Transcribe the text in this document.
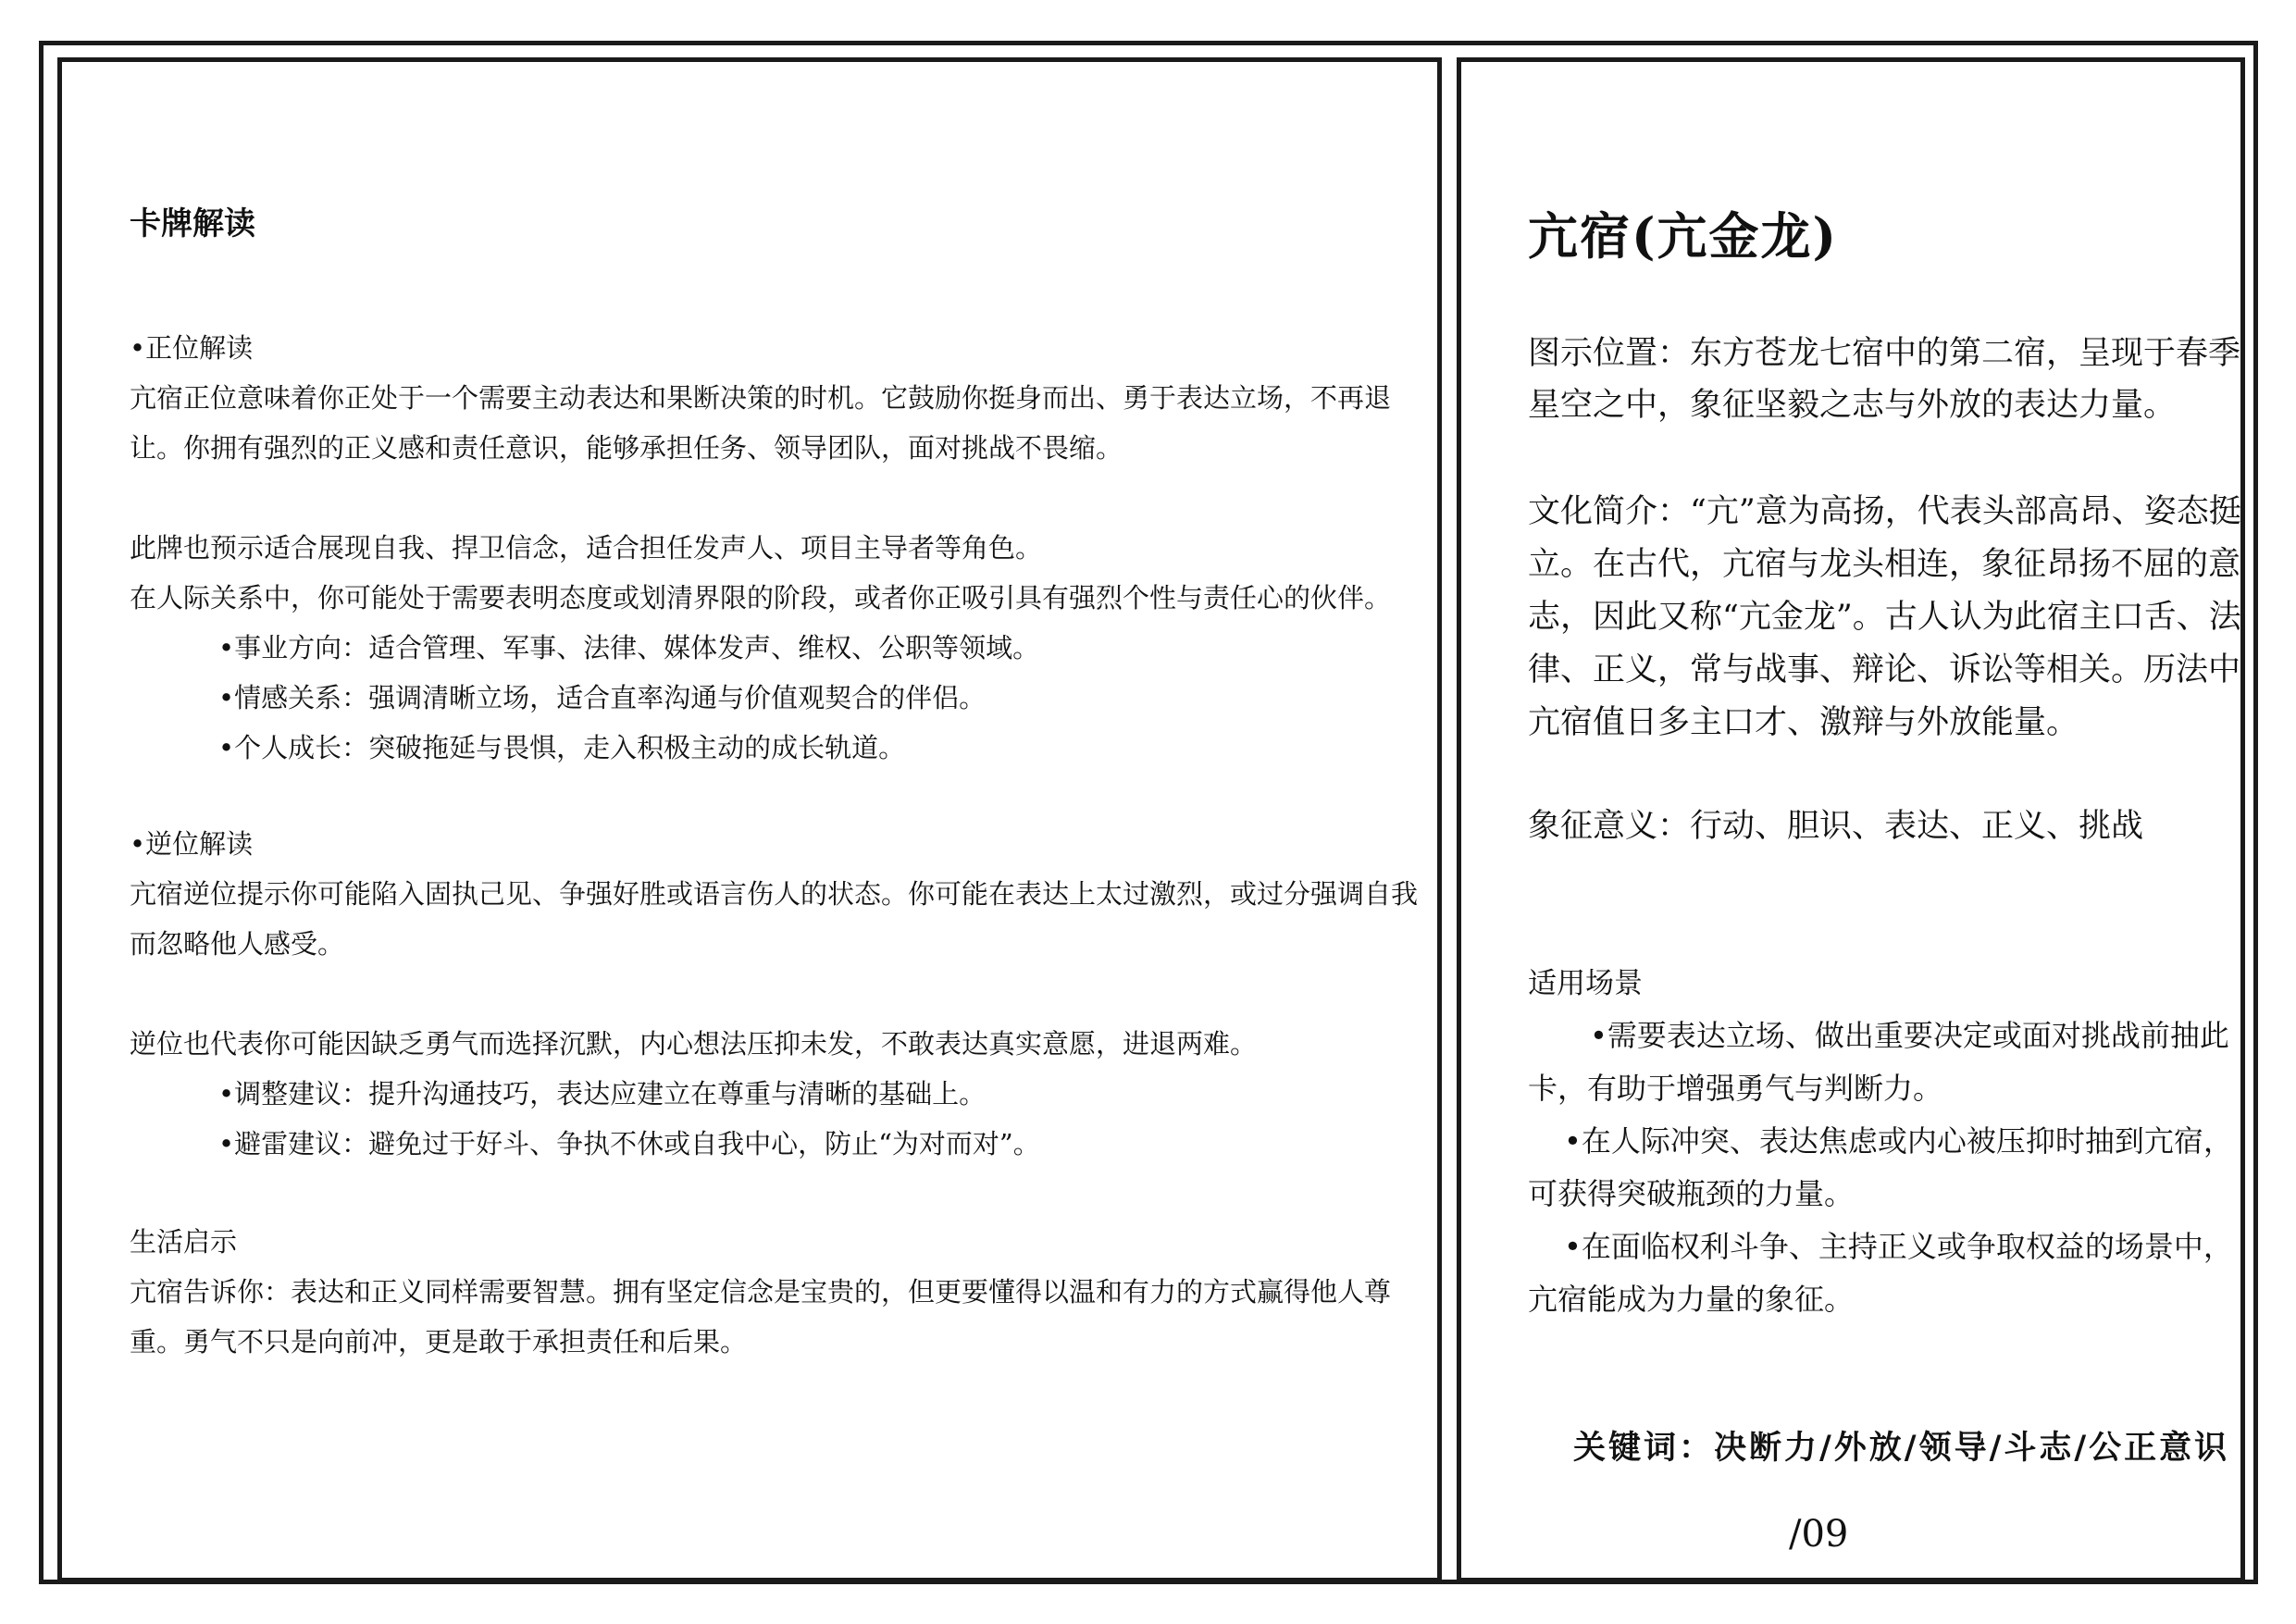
卡牌解读
•正位解读
亢宿正位意味着你正处于一个需要主动表达和果断决策的时机。它鼓励你挺身而出、勇于表达立场，不再退
让。你拥有强烈的正义感和责任意识，能够承担任务、领导团队，面对挑战不畏缩。
此牌也预示适合展现自我、捍卫信念，适合担任发声人、项目主导者等角色。
在人际关系中，你可能处于需要表明态度或划清界限的阶段，或者你正吸引具有强烈个性与责任心的伙伴。
•事业方向：适合管理、军事、法律、媒体发声、维权、公职等领域。
•情感关系：强调清晰立场，适合直率沟通与价值观契合的伴侣。
•个人成长：突破拖延与畏惧，走入积极主动的成长轨道。
•逆位解读
亢宿逆位提示你可能陷入固执己见、争强好胜或语言伤人的状态。你可能在表达上太过激烈，或过分强调自我
而忽略他人感受。
逆位也代表你可能因缺乏勇气而选择沉默，内心想法压抑未发，不敢表达真实意愿，进退两难。
•调整建议：提升沟通技巧，表达应建立在尊重与清晰的基础上。
•避雷建议：避免过于好斗、争执不休或自我中心，防止“为对而对”。
生活启示
亢宿告诉你：表达和正义同样需要智慧。拥有坚定信念是宝贵的，但更要懂得以温和有力的方式赢得他人尊
重。勇气不只是向前冲，更是敢于承担责任和后果。
亢宿(亢金龙)
图示位置：东方苍龙七宿中的第二宿，呈现于春季
星空之中，象征坚毅之志与外放的表达力量。
文化简介：“亢”意为高扬，代表头部高昂、姿态挺
立。在古代，亢宿与龙头相连，象征昂扬不屈的意
志，因此又称“亢金龙”。古人认为此宿主口舌、法
律、正义，常与战事、辩论、诉讼等相关。历法中
亢宿值日多主口才、激辩与外放能量。
象征意义：行动、胆识、表达、正义、挑战
适用场景
•需要表达立场、做出重要决定或面对挑战前抽此
卡，有助于增强勇气与判断力。
•在人际冲突、表达焦虑或内心被压抑时抽到亢宿，
可获得突破瓶颈的力量。
•在面临权利斗争、主持正义或争取权益的场景中，
亢宿能成为力量的象征。
关键词：决断力/外放/领导/斗志/公正意识
/09
